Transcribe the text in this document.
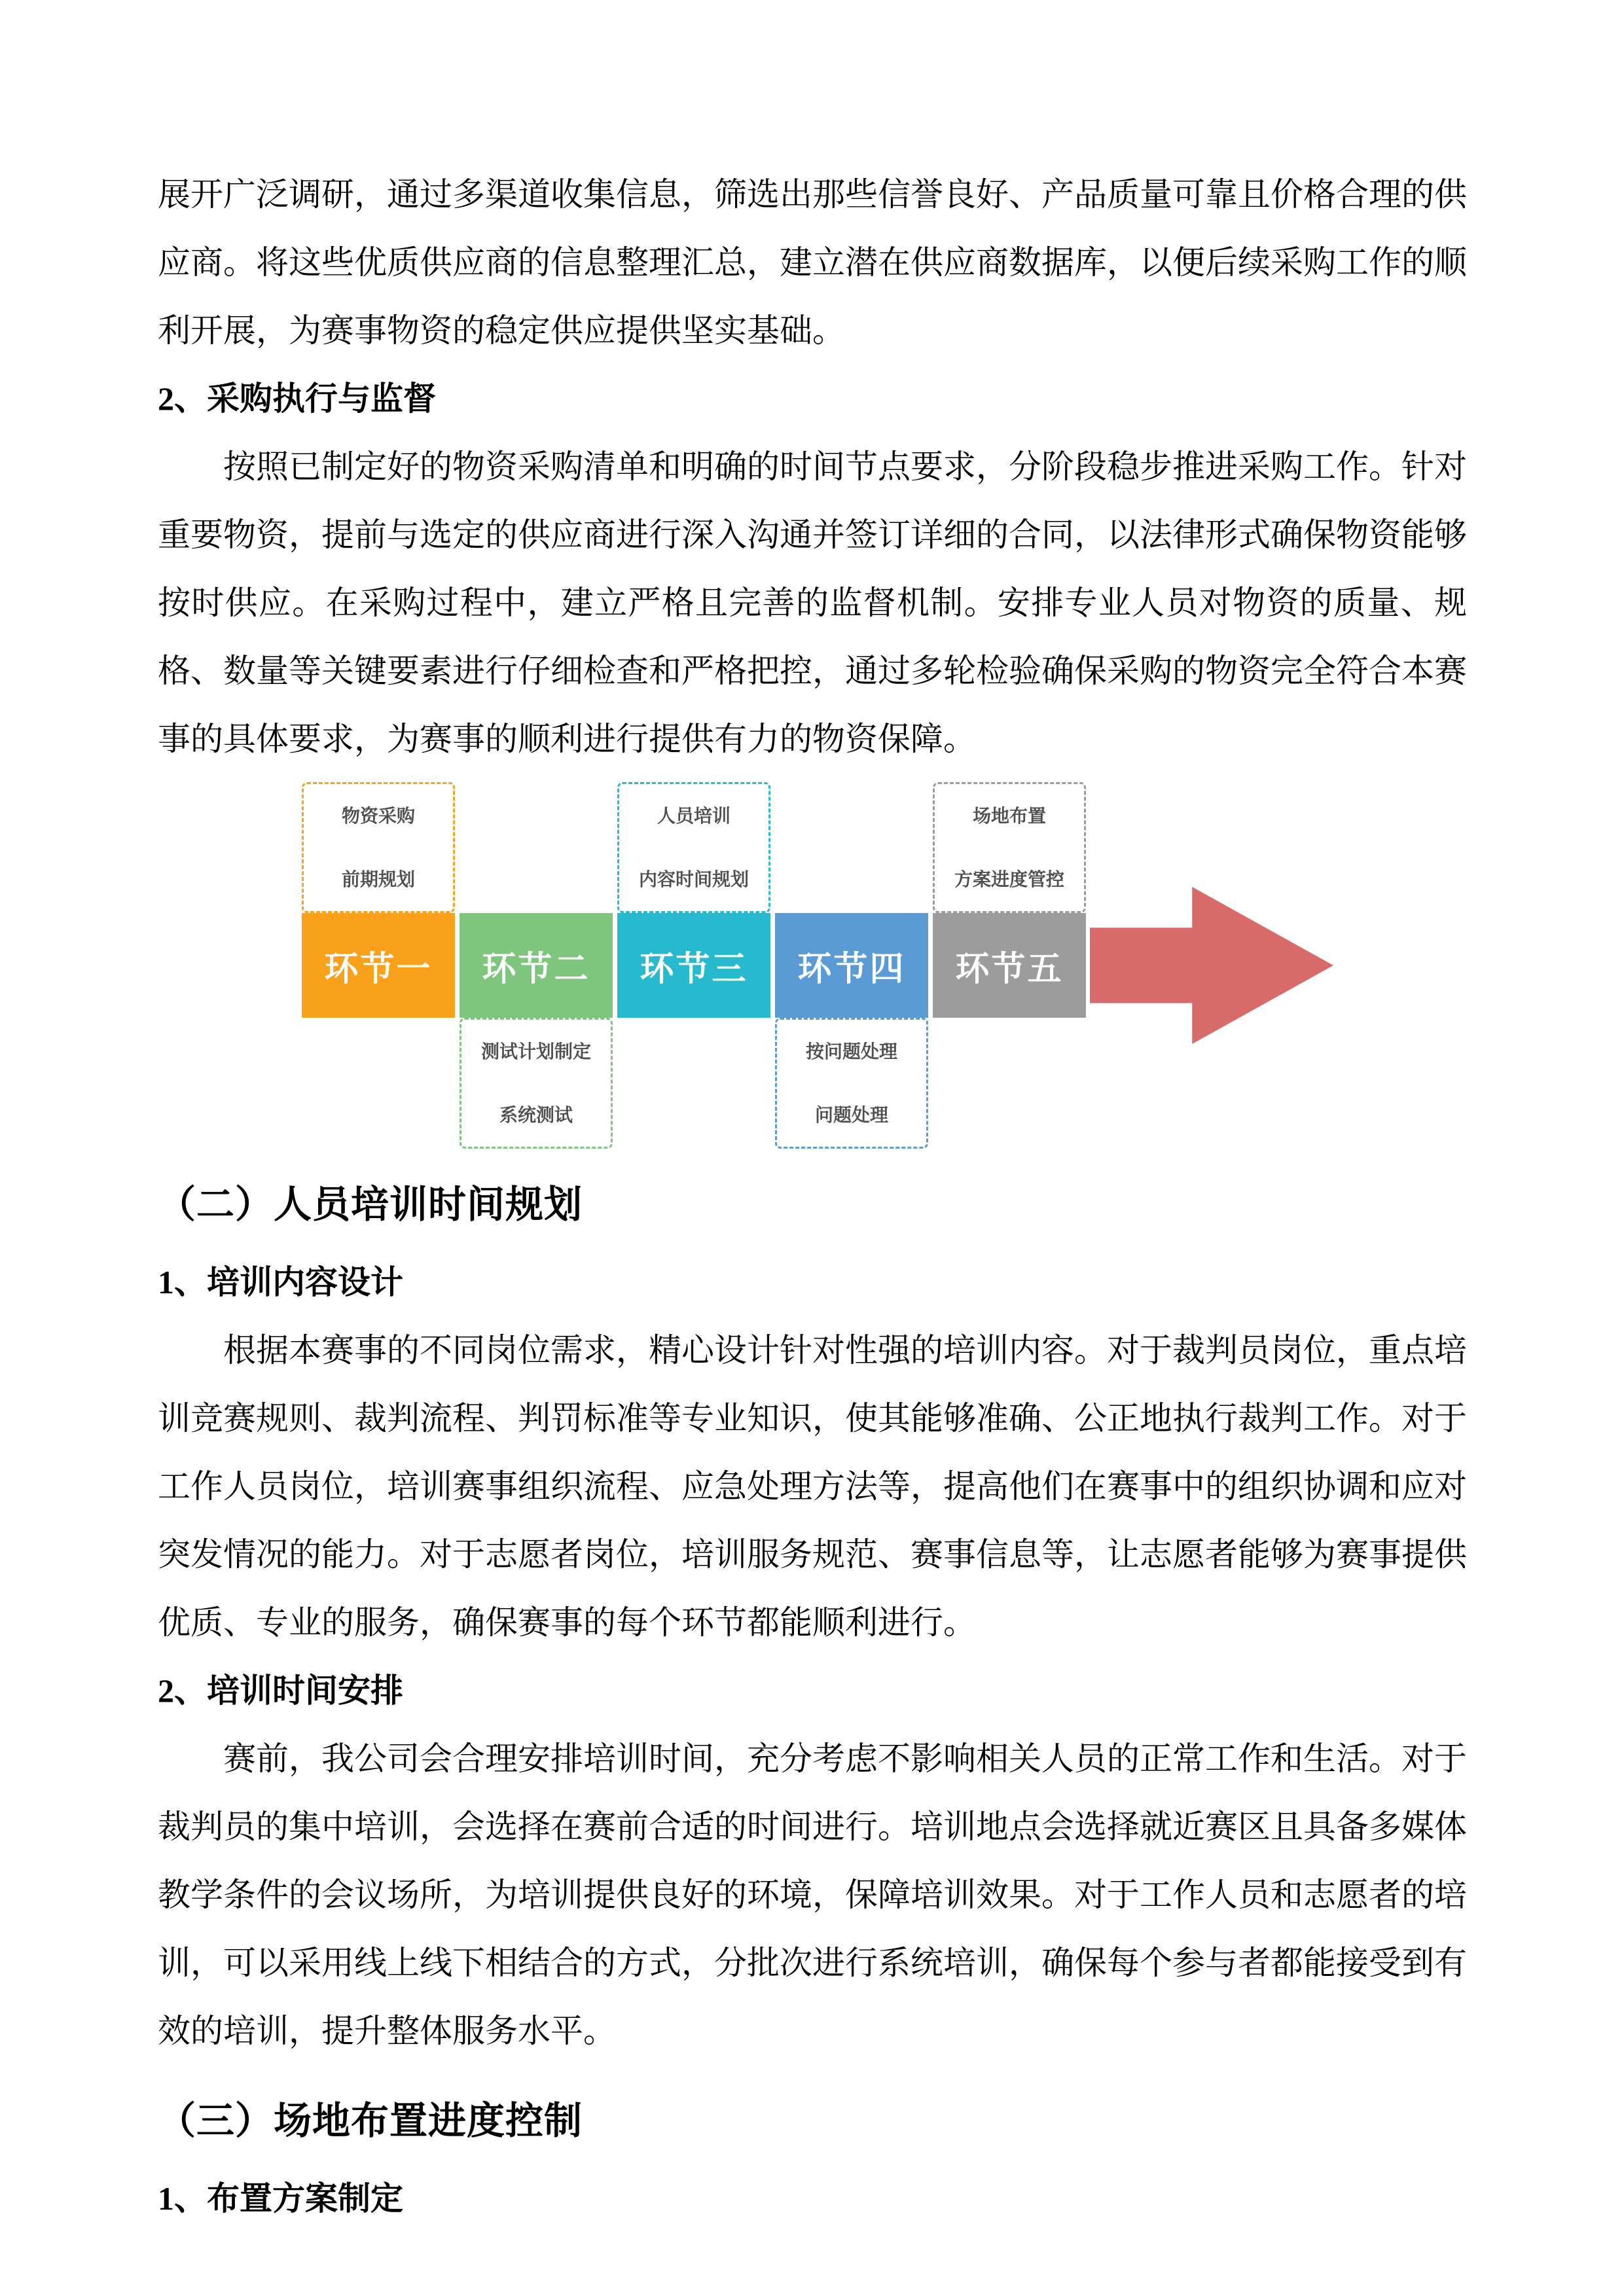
展开广泛调研，通过多渠道收集信息，筛选出那些信誉良好、产品质量可靠且价格合理的供应商。将这些优质供应商的信息整理汇总，建立潜在供应商数据库，以便后续采购工作的顺利开展，为赛事物资的稳定供应提供坚实基础。

2、采购执行与监督

按照已制定好的物资采购清单和明确的时间节点要求，分阶段稳步推进采购工作。针对重要物资，提前与选定的供应商进行深入沟通并签订详细的合同，以法律形式确保物资能够按时供应。在采购过程中，建立严格且完善的监督机制。安排专业人员对物资的质量、规格、数量等关键要素进行仔细检查和严格把控，通过多轮检验确保采购的物资完全符合本赛事的具体要求，为赛事的顺利进行提供有力的物资保障。

物资采购
前期规划
人员培训
内容时间规划
场地布置
方案进度管控
环节一 环节二 环节三 环节四 环节五
测试计划制定
系统测试
按问题处理
问题处理
（二）人员培训时间规划
1、培训内容设计

根据本赛事的不同岗位需求，精心设计针对性强的培训内容。对于裁判员岗位，重点培训竞赛规则、裁判流程、判罚标准等专业知识，使其能够准确、公正地执行裁判工作。对于工作人员岗位，培训赛事组织流程、应急处理方法等，提高他们在赛事中的组织协调和应对突发情况的能力。对于志愿者岗位，培训服务规范、赛事信息等，让志愿者能够为赛事提供优质、专业的服务，确保赛事的每个环节都能顺利进行。

2、培训时间安排

赛前，我公司会合理安排培训时间，充分考虑不影响相关人员的正常工作和生活。对于裁判员的集中培训，会选择在赛前合适的时间进行。培训地点会选择就近赛区且具备多媒体教学条件的会议场所，为培训提供良好的环境，保障培训效果。对于工作人员和志愿者的培训，可以采用线上线下相结合的方式，分批次进行系统培训，确保每个参与者都能接受到有效的培训，提升整体服务水平。

（三）场地布置进度控制
1、布置方案制定
